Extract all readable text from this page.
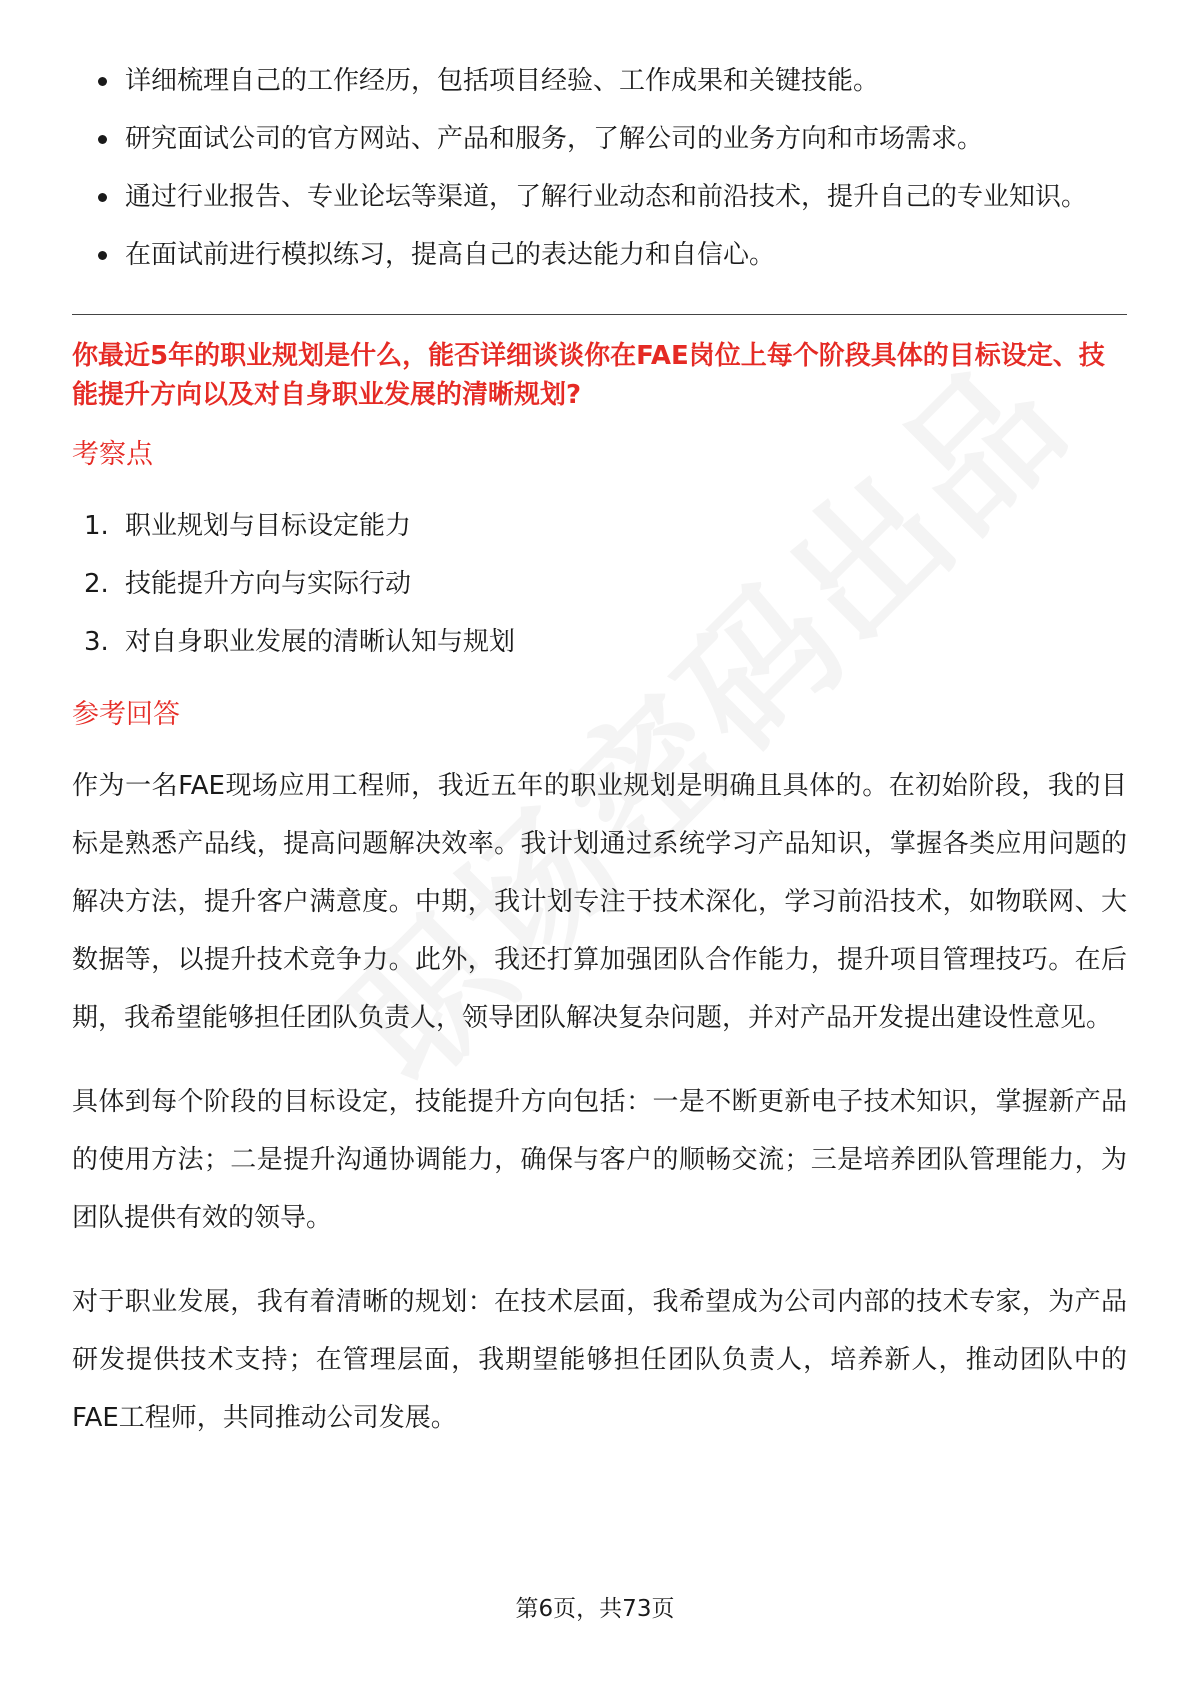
详细梳理自己的工作经历，包括项目经验、工作成果和关键技能。
研究面试公司的官方网站、产品和服务，了解公司的业务方向和市场需求。
通过行业报告、专业论坛等渠道，了解行业动态和前沿技术，提升自己的专业知识。
在面试前进行模拟练习，提高自己的表达能力和自信心。
你最近5年的职业规划是什么，能否详细谈谈你在FAE岗位上每个阶段具体的目标设定、技能提升方向以及对自身职业发展的清晰规划?
考察点
1. 职业规划与目标设定能力
2. 技能提升方向与实际行动
3. 对自身职业发展的清晰认知与规划
参考回答

作为一名FAE现场应用工程师，我近五年的职业规划是明确且具体的。在初始阶段，我的目标是熟悉产品线，提高问题解决效率。我计划通过系统学习产品知识，掌握各类应用问题的解决方法，提升客户满意度。中期，我计划专注于技术深化，学习前沿技术，如物联网、大数据等，以提升技术竞争力。此外，我还打算加强团队合作能力，提升项目管理技巧。在后期，我希望能够担任团队负责人，领导团队解决复杂问题，并对产品开发提出建设性意见。

具体到每个阶段的目标设定，技能提升方向包括：一是不断更新电子技术知识，掌握新产品的使用方法；二是提升沟通协调能力，确保与客户的顺畅交流；三是培养团队管理能力，为团队提供有效的领导。

对于职业发展，我有着清晰的规划：在技术层面，我希望成为公司内部的技术专家，为产品研发提供技术支持；在管理层面，我期望能够担任团队负责人，培养新人，推动团队中的FAE工程师，共同推动公司发展。

第6页，共73页
